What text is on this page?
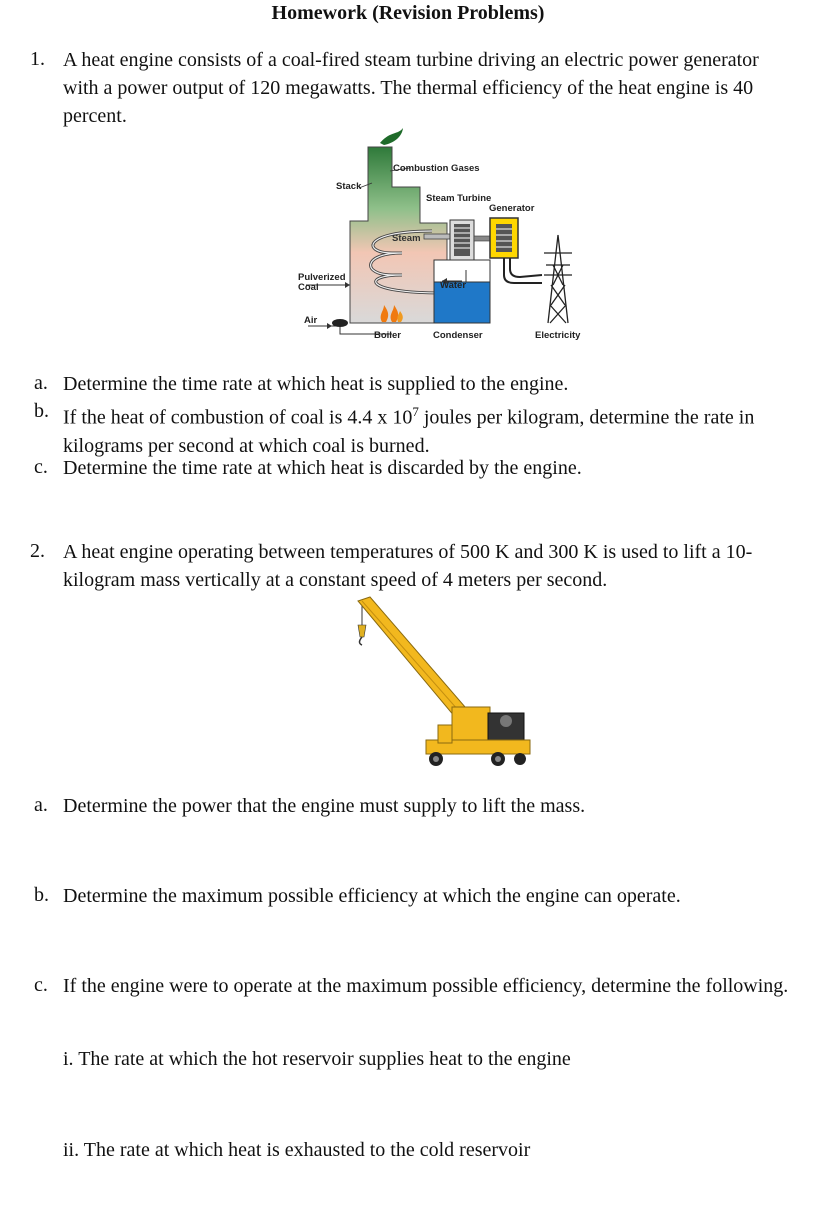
Homework (Revision Problems)
1. A heat engine consists of a coal-fired steam turbine driving an electric power generator with a power output of 120 megawatts. The thermal efficiency of the heat engine is 40 percent.
Combustion Gases
Stack
Steam Turbine
Generator
Steam
Pulverized
Coal	Water
Air
Boiler	Condenser	Electricity
a. Determine the time rate at which heat is supplied to the engine.
b. If the heat of combustion of coal is 4.4 x $10^7$ joules per kilogram, determine the rate in kilograms per second at which coal is burned.
c. Determine the time rate at which heat is discarded by the engine.
2. A heat engine operating between temperatures of 500 K and 300 K is used to lift a 10-kilogram mass vertically at a constant speed of 4 meters per second.
a. Determine the power that the engine must supply to lift the mass.
b. Determine the maximum possible efficiency at which the engine can operate.
c. If the engine were to operate at the maximum possible efficiency, determine the following.
i. The rate at which the hot reservoir supplies heat to the engine
ii. The rate at which heat is exhausted to the cold reservoir
